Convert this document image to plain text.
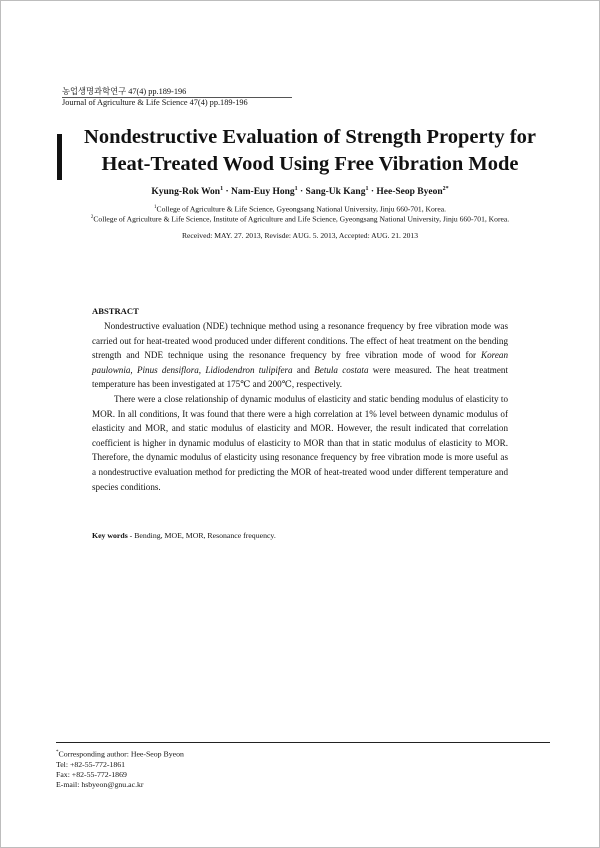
농업생명과학연구 47(4) pp.189-196
Journal of Agriculture & Life Science 47(4) pp.189-196
Nondestructive Evaluation of Strength Property for
Heat-Treated Wood Using Free Vibration Mode
Kyung-Rok Won$^1$ · Nam-Euy Hong$^1$ · Sang-Uk Kang$^1$ · Hee-Seop Byeon$^{2*}$
$^1$College of Agriculture & Life Science, Gyeongsang National University, Jinju 660-701, Korea.
$^2$College of Agriculture & Life Science, Institute of Agriculture and Life Science, Gyeongsang National University, Jinju 660-701, Korea.
Received: MAY. 27. 2013, Revisde: AUG. 5. 2013, Accepted: AUG. 21. 2013
ABSTRACT

Nondestructive evaluation (NDE) technique method using a resonance frequency by free vibration mode was carried out for heat-treated wood produced under different conditions. The effect of heat treatment on the bending strength and NDE technique using the resonance frequency by free vibration mode of wood for Korean paulownia, Pinus densiflora, Lidiodendron tulipifera and Betula costata were measured. The heat treatment temperature has been investigated at 175℃ and 200℃, respectively.

There were a close relationship of dynamic modulus of elasticity and static bending modulus of elasticity to MOR. In all conditions, It was found that there were a high correlation at 1% level between dynamic modulus of elasticity and MOR, and static modulus of elasticity and MOR. However, the result indicated that correlation coefficient is higher in dynamic modulus of elasticity to MOR than that in static modulus of elasticity to MOR. Therefore, the dynamic modulus of elasticity using resonance frequency by free vibration mode is more useful as a nondestructive evaluation method for predicting the MOR of heat-treated wood under different temperature and species conditions.

Key words - Bending, MOE, MOR, Resonance frequency.
*Corresponding author: Hee-Seop Byeon
Tel: +82-55-772-1861
Fax: +82-55-772-1869
E-mail: hsbyeon@gnu.ac.kr
